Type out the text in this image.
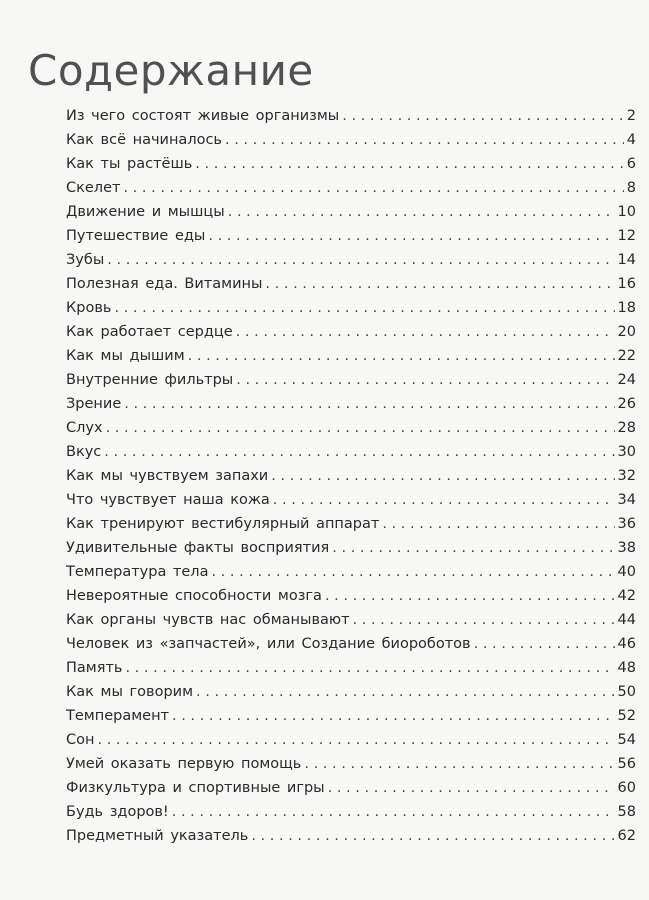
Содержание
Из чего состоят живые организмы . . .	2
Как всё начиналось . . .	4
Как ты растёшь . . .	6
Скелет . . .	8
Движение и мышцы . . .	10
Путешествие еды . . .	12
Зубы . . .	14
Полезная еда. Витамины . . .	16
Кровь . . .	18
Как работает сердце . . .	20
Как мы дышим . . .	22
Внутренние фильтры . . .	24
Зрение . . .	26
Слух . . .	28
Вкус . . .	30
Как мы чувствуем запахи . . .	32
Что чувствует наша кожа . . .	34
Как тренируют вестибулярный аппарат . . .	36
Удивительные факты восприятия . . .	38
Температура тела . . .	40
Невероятные способности мозга . . .	42
Как органы чувств нас обманывают . . .	44
Человек из «запчастей», или Создание биороботов . . .	46
Память . . .	48
Как мы говорим . . .	50
Темперамент . . .	52
Сон . . .	54
Умей оказать первую помощь . . .	56
Физкультура и спортивные игры . . .	60
Будь здоров! . . .	58
Предметный указатель . . .	62
